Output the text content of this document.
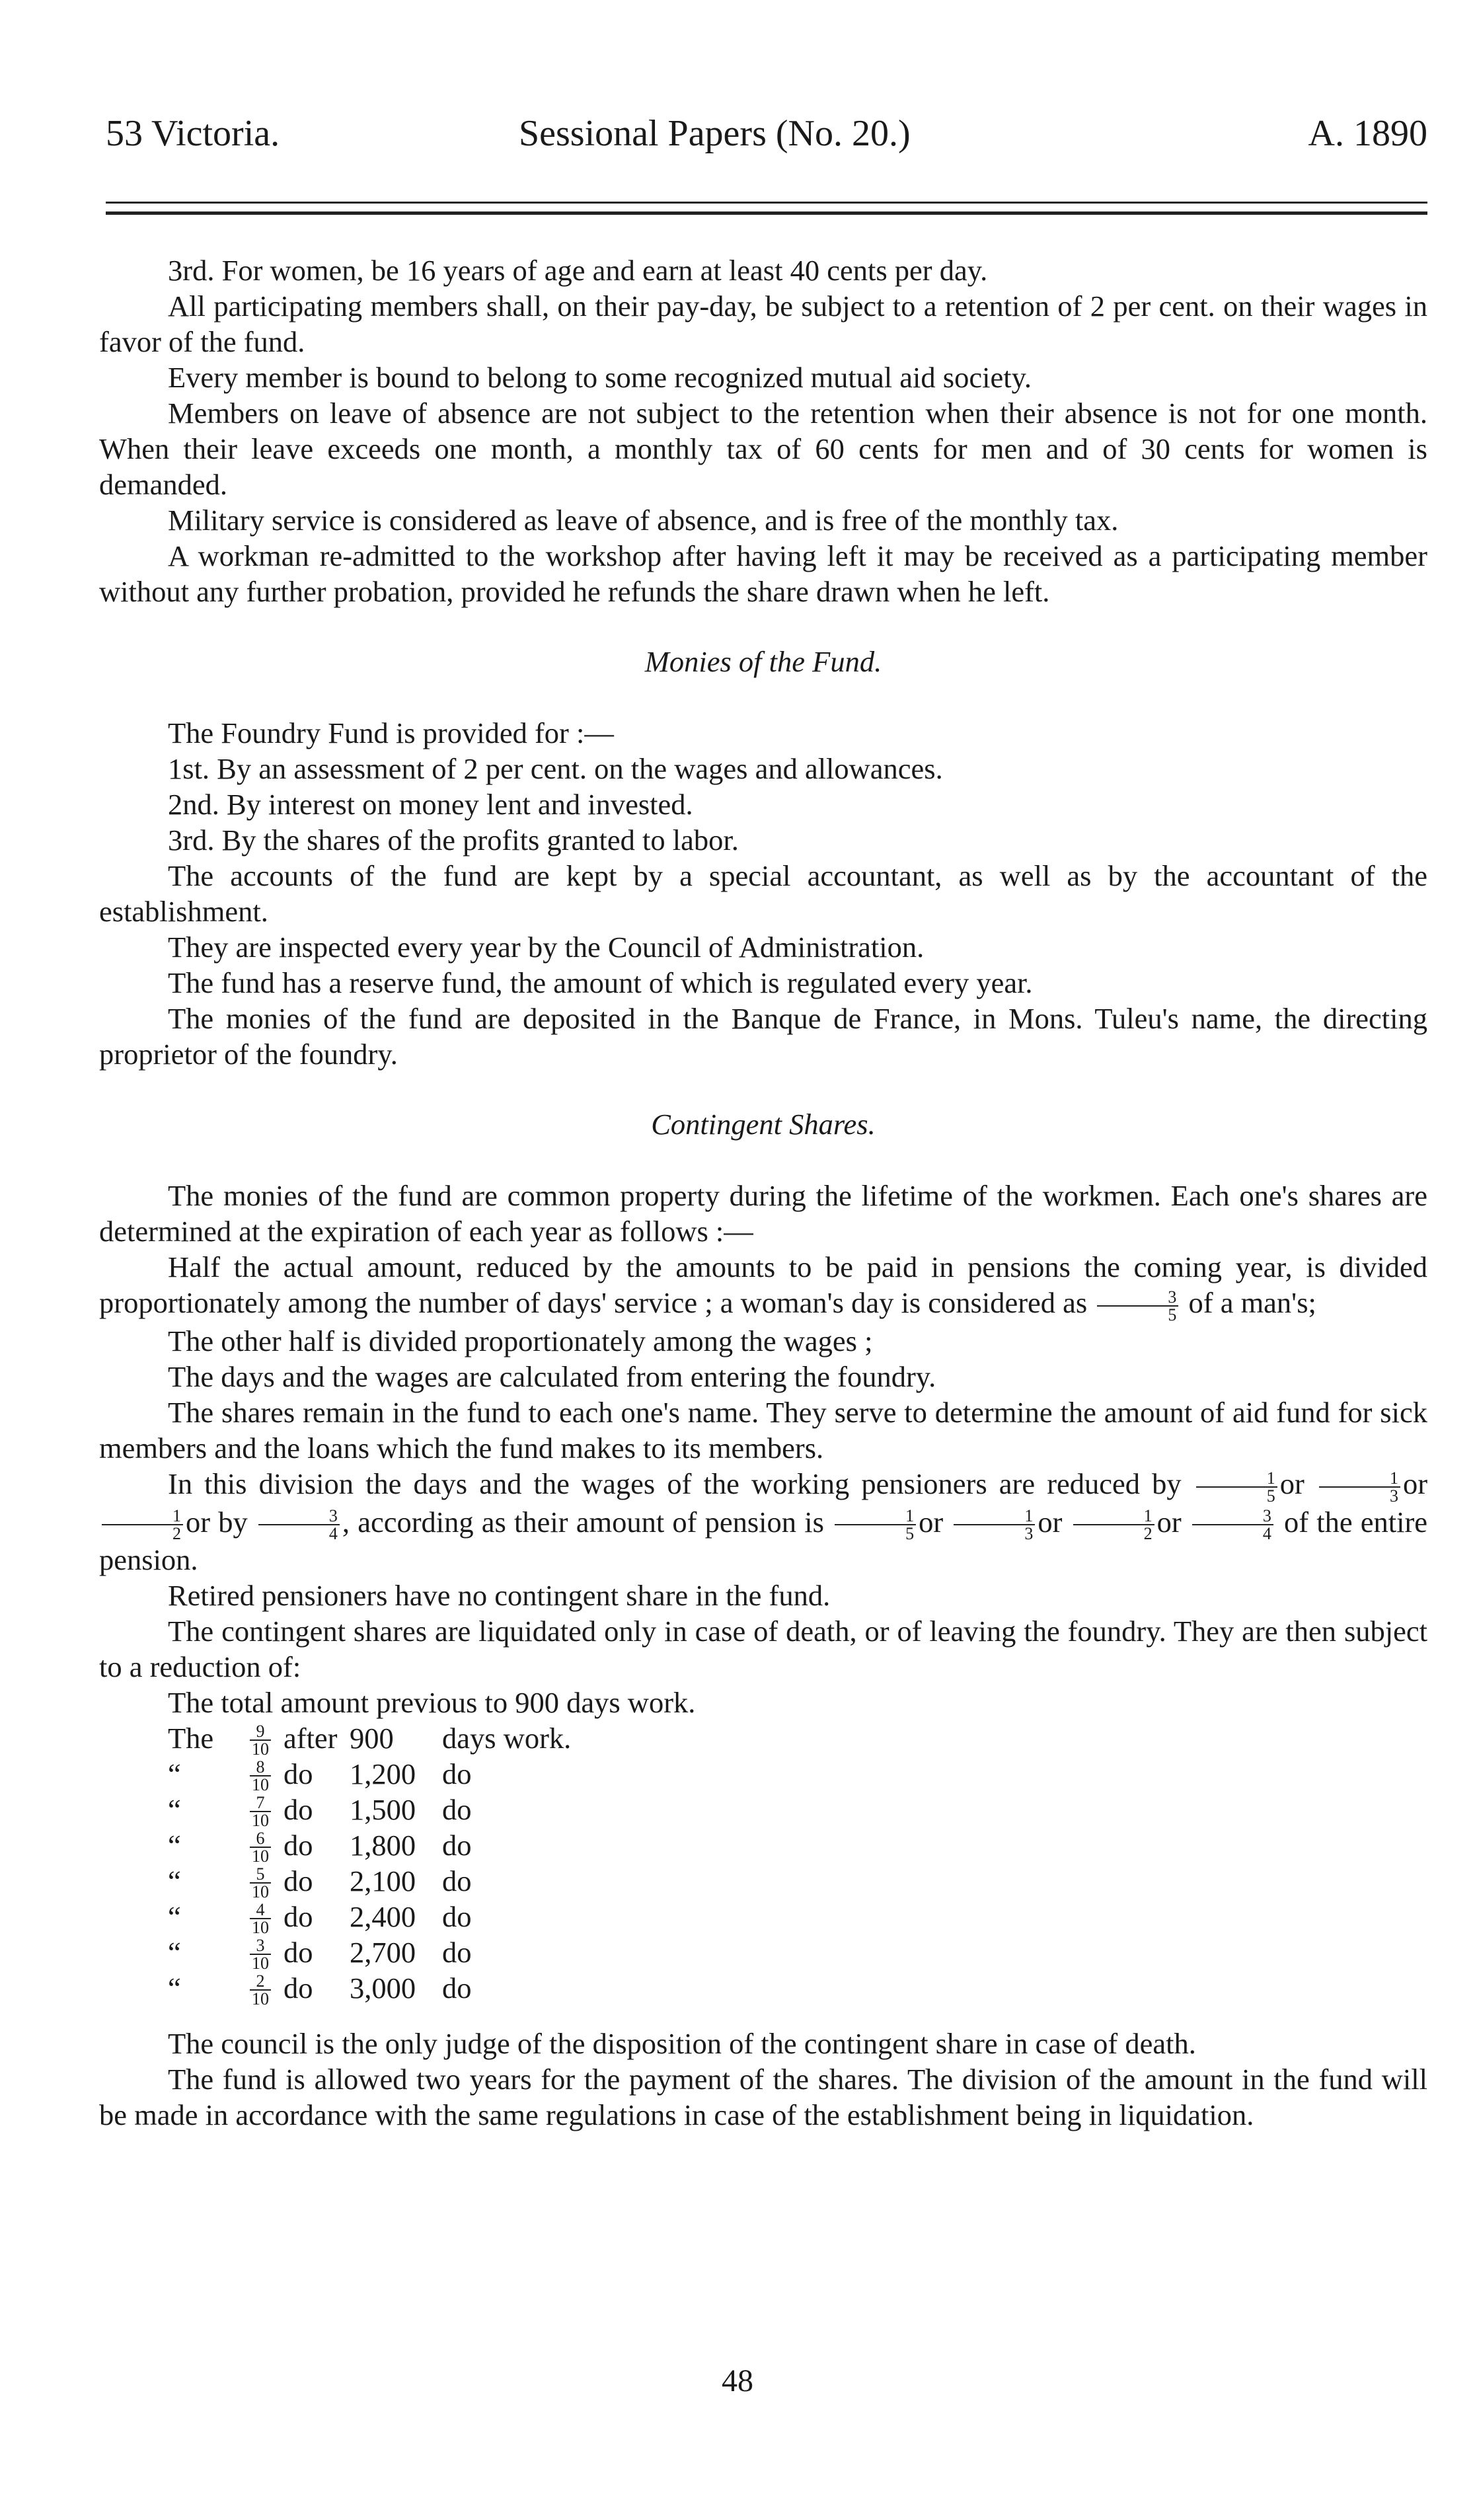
53 Victoria.	Sessional Papers (No. 20.)	A. 1890

3rd. For women, be 16 years of age and earn at least 40 cents per day.

All participating members shall, on their pay-day, be subject to a retention of 2 per cent. on their wages in favor of the fund.

Every member is bound to belong to some recognized mutual aid society.

Members on leave of absence are not subject to the retention when their absence is not for one month. When their leave exceeds one month, a monthly tax of 60 cents for men and of 30 cents for women is demanded.

Military service is considered as leave of absence, and is free of the monthly tax.

A workman re-admitted to the workshop after having left it may be received as a participating member without any further probation, provided he refunds the share drawn when he left.

Monies of the Fund.

The Foundry Fund is provided for :—

1st. By an assessment of 2 per cent. on the wages and allowances.

2nd. By interest on money lent and invested.

3rd. By the shares of the profits granted to labor.

The accounts of the fund are kept by a special accountant, as well as by the accountant of the establishment.

They are inspected every year by the Council of Administration.

The fund has a reserve fund, the amount of which is regulated every year.

The monies of the fund are deposited in the Banque de France, in Mons. Tuleu's name, the directing proprietor of the foundry.

Contingent Shares.

The monies of the fund are common property during the lifetime of the workmen. Each one's shares are determined at the expiration of each year as follows :—

Half the actual amount, reduced by the amounts to be paid in pensions the coming year, is divided proportionately among the number of days' service ; a woman's day is considered as $\frac{3}{5}$ of a man's;

The other half is divided proportionately among the wages ;

The days and the wages are calculated from entering the foundry.

The shares remain in the fund to each one's name. They serve to determine the amount of aid fund for sick members and the loans which the fund makes to its members.

In this division the days and the wages of the working pensioners are reduced by $\frac{1}{5}$ or $\frac{1}{3}$ or
$\frac{1}{2}$ or by $\frac{3}{4}$ , according as their amount of pension is $\frac{1}{5}$ or $\frac{1}{3}$ or $\frac{1}{2}$ or $\frac{3}{4}$ of the entire pension.

Retired pensioners have no contingent share in the fund.

The contingent shares are liquidated only in case of death, or of leaving the foundry. They are then subject to a reduction of:

The total amount previous to 900 days work.

The	$\frac{9}{10}$ after 900	days work.
“	$\frac{8}{10}$ do	1,200 do
“	$\frac{7}{10}$ do	1,500 do
“	$\frac{6}{10}$ do	1,800 do
“	$\frac{5}{10}$ do	2,100 do
“	$\frac{4}{10}$ do	2,400 do
“	$\frac{3}{10}$ do	2,700 do
“	$\frac{2}{10}$ do	3,000 do

The council is the only judge of the disposition of the contingent share in case of death.

The fund is allowed two years for the payment of the shares. The division of the amount in the fund will be made in accordance with the same regulations in case of the establishment being in liquidation.

48
